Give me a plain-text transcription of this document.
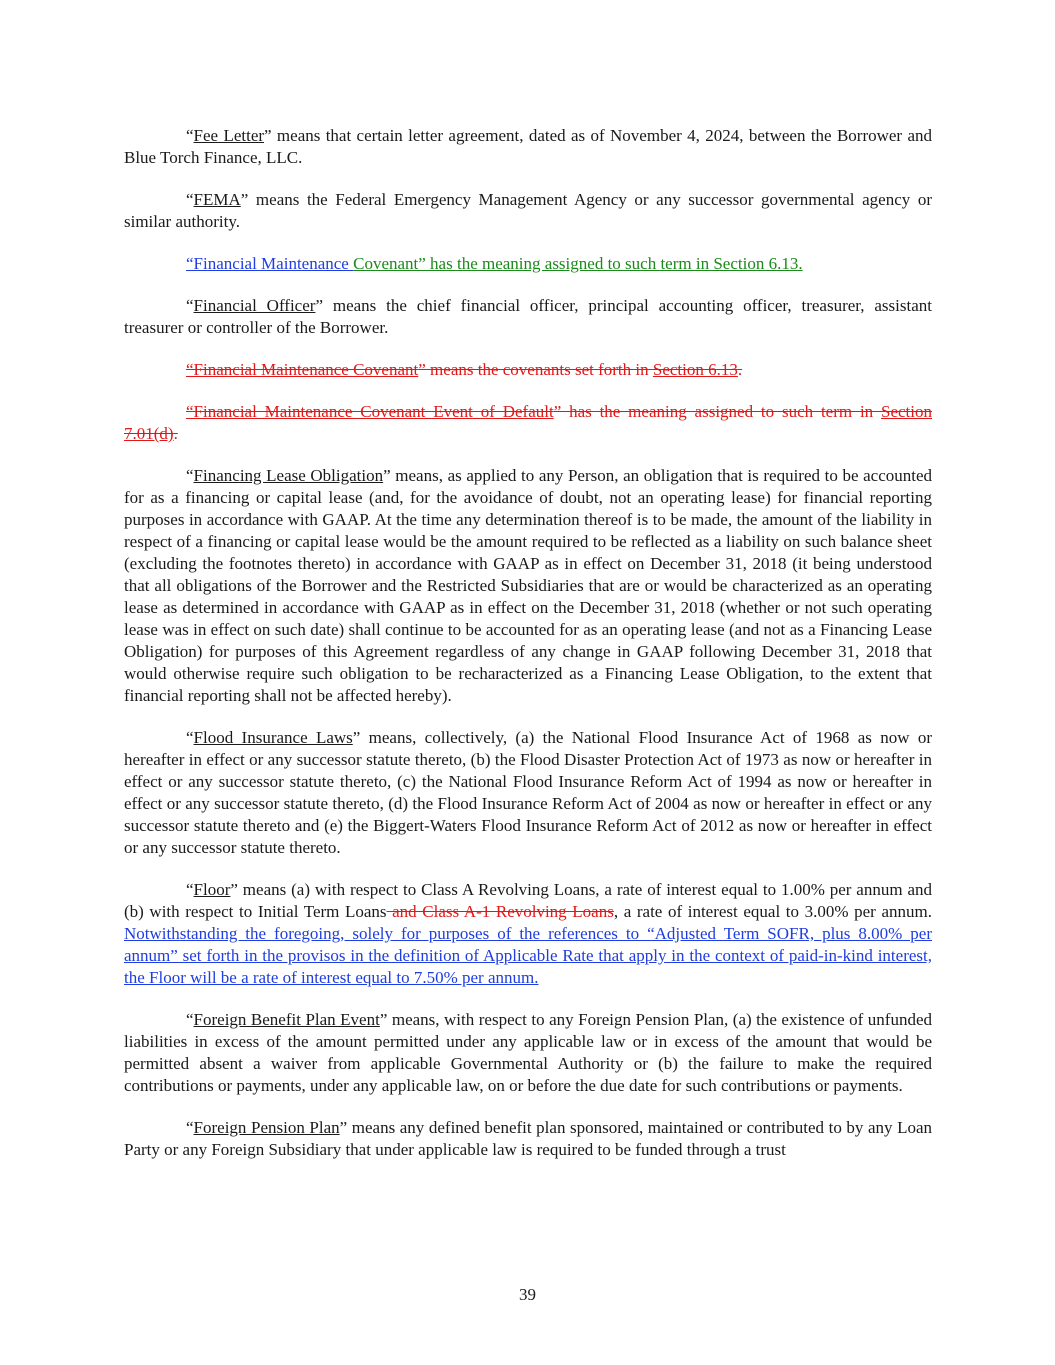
“Fee Letter” means that certain letter agreement, dated as of November 4, 2024, between the Borrower and Blue Torch Finance, LLC.

“FEMA” means the Federal Emergency Management Agency or any successor governmental agency or similar authority.

“Financial Maintenance Covenant” has the meaning assigned to such term in Section 6.13.

“Financial Officer” means the chief financial officer, principal accounting officer, treasurer, assistant treasurer or controller of the Borrower.

“Financial Maintenance Covenant” means the covenants set forth in Section 6.13.

“Financial Maintenance Covenant Event of Default” has the meaning assigned to such term in Section 7.01(d).

“Financing Lease Obligation” means, as applied to any Person, an obligation that is required to be accounted for as a financing or capital lease (and, for the avoidance of doubt, not an operating lease) for financial reporting purposes in accordance with GAAP. At the time any determination thereof is to be made, the amount of the liability in respect of a financing or capital lease would be the amount required to be reflected as a liability on such balance sheet (excluding the footnotes thereto) in accordance with GAAP as in effect on December 31, 2018 (it being understood that all obligations of the Borrower and the Restricted Subsidiaries that are or would be characterized as an operating lease as determined in accordance with GAAP as in effect on the December 31, 2018 (whether or not such operating lease was in effect on such date) shall continue to be accounted for as an operating lease (and not as a Financing Lease Obligation) for purposes of this Agreement regardless of any change in GAAP following December 31, 2018 that would otherwise require such obligation to be recharacterized as a Financing Lease Obligation, to the extent that financial reporting shall not be affected hereby).

“Flood Insurance Laws” means, collectively, (a) the National Flood Insurance Act of 1968 as now or hereafter in effect or any successor statute thereto, (b) the Flood Disaster Protection Act of 1973 as now or hereafter in effect or any successor statute thereto, (c) the National Flood Insurance Reform Act of 1994 as now or hereafter in effect or any successor statute thereto, (d) the Flood Insurance Reform Act of 2004 as now or hereafter in effect or any successor statute thereto and (e) the Biggert-Waters Flood Insurance Reform Act of 2012 as now or hereafter in effect or any successor statute thereto.

“Floor” means (a) with respect to Class A Revolving Loans, a rate of interest equal to 1.00% per annum and (b) with respect to Initial Term Loans and Class A-1 Revolving Loans, a rate of interest equal to 3.00% per annum. Notwithstanding the foregoing, solely for purposes of the references to “Adjusted Term SOFR, plus 8.00% per annum” set forth in the provisos in the definition of Applicable Rate that apply in the context of paid-in-kind interest, the Floor will be a rate of interest equal to 7.50% per annum.

“Foreign Benefit Plan Event” means, with respect to any Foreign Pension Plan, (a) the existence of unfunded liabilities in excess of the amount permitted under any applicable law or in excess of the amount that would be permitted absent a waiver from applicable Governmental Authority or (b) the failure to make the required contributions or payments, under any applicable law, on or before the due date for such contributions or payments.

“Foreign Pension Plan” means any defined benefit plan sponsored, maintained or contributed to by any Loan Party or any Foreign Subsidiary that under applicable law is required to be funded through a trust

39
